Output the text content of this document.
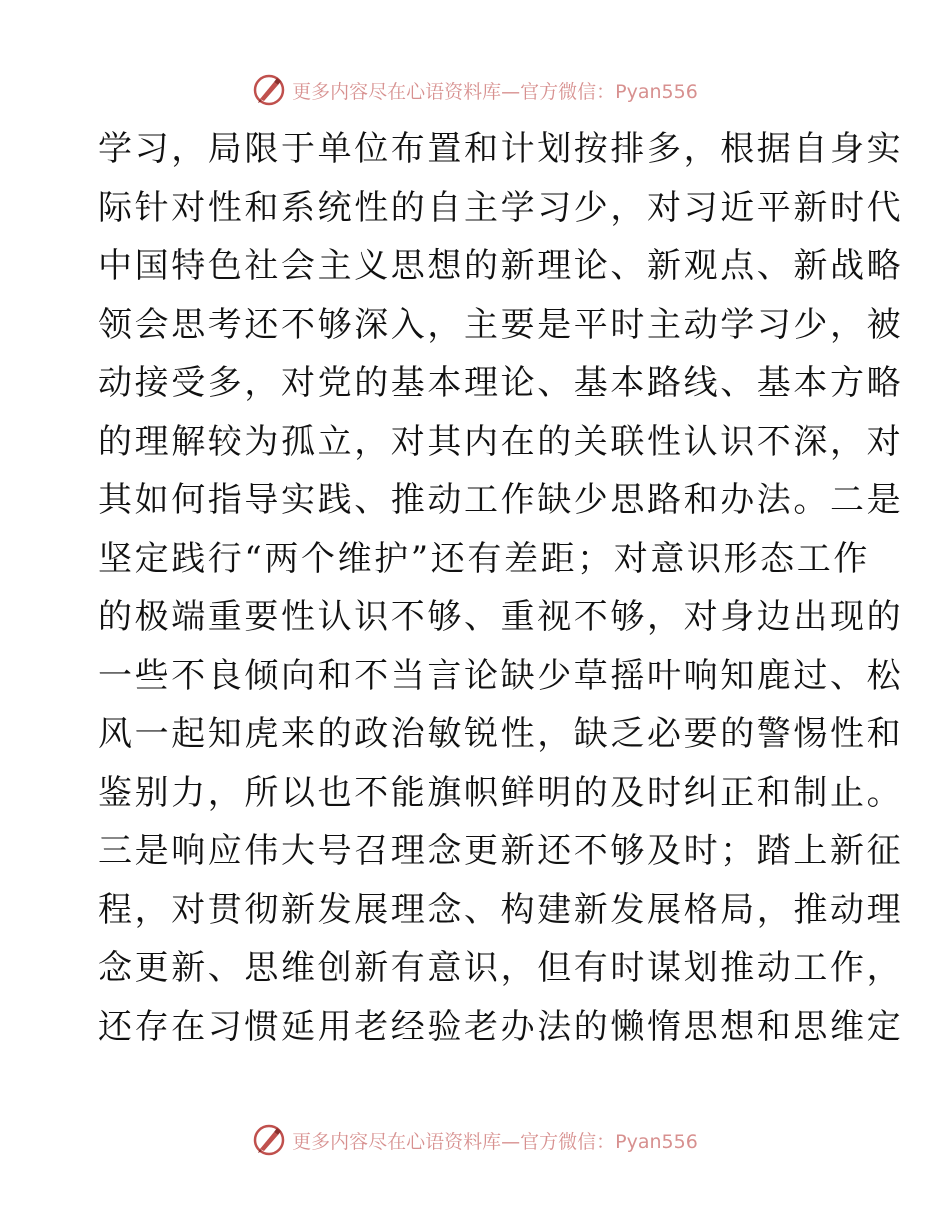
更多内容尽在心语资料库—官方微信：Pyan556
学习，局限于单位布置和计划按排多，根据自身实
际针对性和系统性的自主学习少，对习近平新时代
中国特色社会主义思想的新理论、新观点、新战略
领会思考还不够深入，主要是平时主动学习少，被
动接受多，对党的基本理论、基本路线、基本方略
的理解较为孤立，对其内在的关联性认识不深，对
其如何指导实践、推动工作缺少思路和办法。二是
坚定践行“两个维护”还有差距；对意识形态工作
的极端重要性认识不够、重视不够，对身边出现的
一些不良倾向和不当言论缺少草摇叶响知鹿过、松
风一起知虎来的政治敏锐性，缺乏必要的警惕性和
鉴别力，所以也不能旗帜鲜明的及时纠正和制止。
三是响应伟大号召理念更新还不够及时；踏上新征
程，对贯彻新发展理念、构建新发展格局，推动理
念更新、思维创新有意识，但有时谋划推动工作，
还存在习惯延用老经验老办法的懒惰思想和思维定
更多内容尽在心语资料库—官方微信：Pyan556
